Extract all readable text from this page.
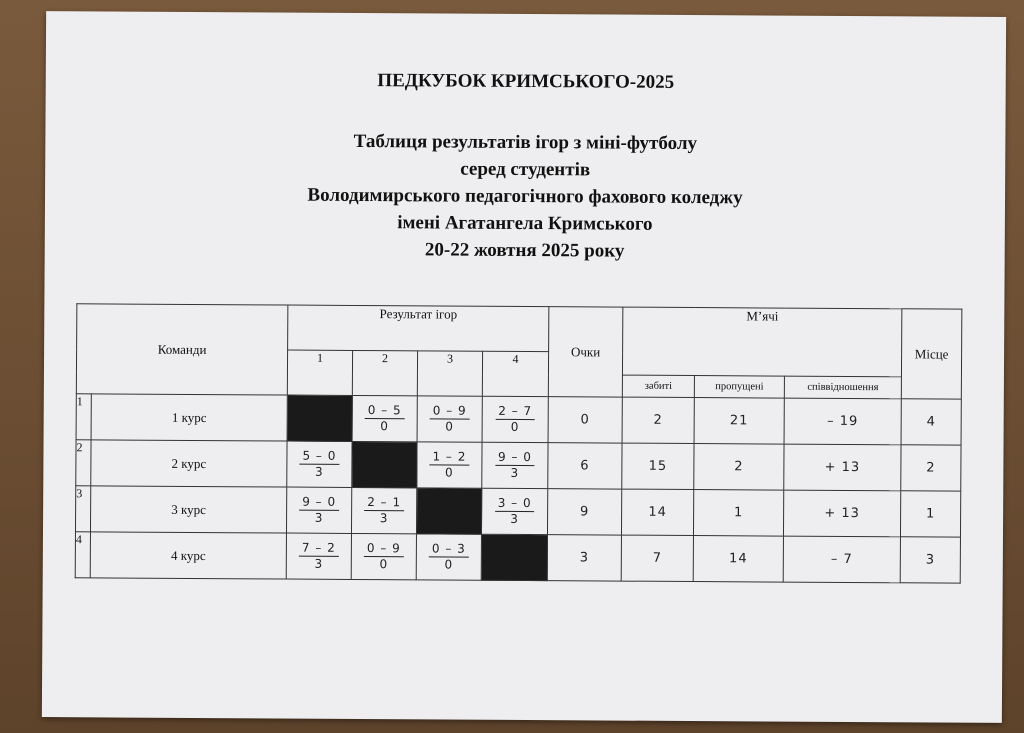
ПЕДКУБОК КРИМСЬКОГО-2025
Таблиця результатів ігор з міні-футболу
серед студентів
Володимирського педагогічного фахового коледжу
імені Агатангела Кримського
20-22 жовтня 2025 року
Команди		Результат ігор				Очки	М’ячі			Місце
		1	2	3	4					
							забиті	пропущені	співвідношення	
1	1 курс		$\frac{0 - 5}{0}$	$\frac{0 - 9}{0}$	$\frac{2 - 7}{0}$	0	2	21	– 19	4
2	2 курс	$\frac{5 - 0}{3}$		$\frac{1 - 2}{0}$	$\frac{9 - 0}{3}$	6	15	2	+ 13	2
3	3 курс	$\frac{9 - 0}{3}$	$\frac{2 - 1}{3}$		$\frac{3 - 0}{3}$	9	14	1	+ 13	1
4	4 курс	$\frac{7 - 2}{3}$	$\frac{0 - 9}{0}$	$\frac{0 - 3}{0}$		3	7	14	– 7	3
